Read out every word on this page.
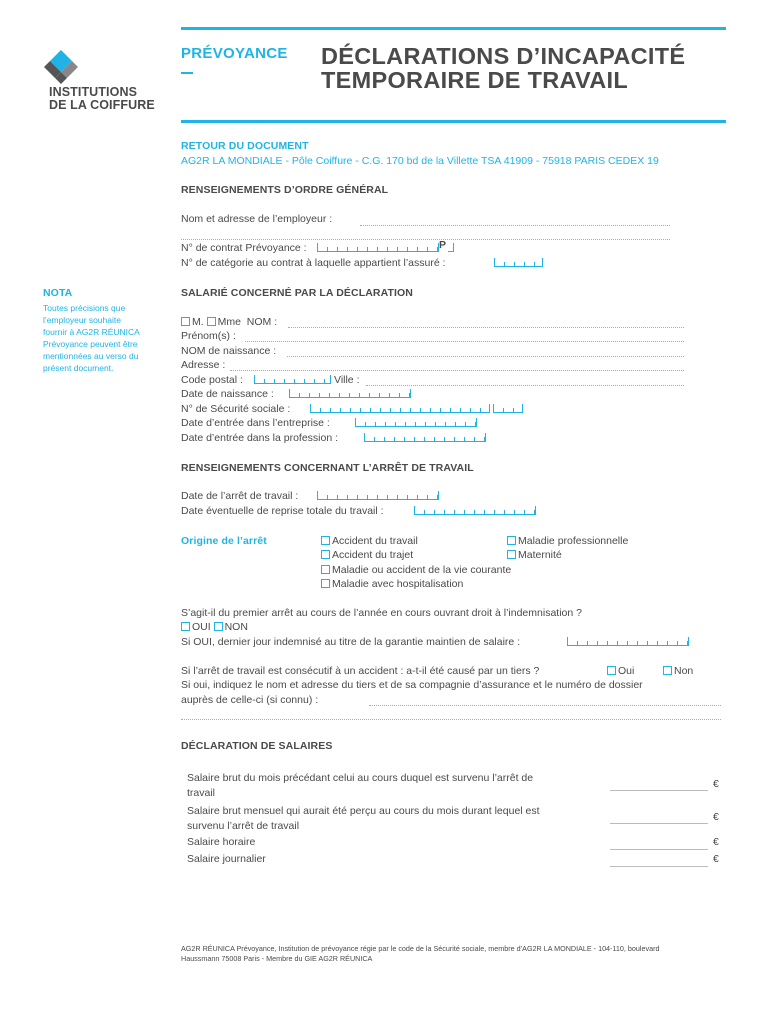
INSTITUTIONS
DE LA COIFFURE
PRÉVOYANCE DÉCLARATIONS D’INCAPACITÉ
TEMPORAIRE DE TRAVAIL
RETOUR DU DOCUMENT
AG2R LA MONDIALE - Pôle Coiffure - C.G. 170 bd de la Villette TSA 41909 - 75918 PARIS CEDEX 19
RENSEIGNEMENTS D’ORDRE GÉNÉRAL
Nom et adresse de l’employeur :
N° de contrat Prévoyance :	P
N° de catégorie au contrat à laquelle appartient l’assuré :
NOTA
Toutes précisions que
l’employeur souhaite
fournir à AG2R RÉUNICA
Prévoyance peuvent être
mentionnées au verso du
présent document.
SALARIÉ CONCERNÉ PAR LA DÉCLARATION
M. Mme NOM :
Prénom(s) :
NOM de naissance :
Adresse :
Code postal :	Ville :
Date de naissance :
N° de Sécurité sociale :
Date d’entrée dans l’entreprise :
Date d’entrée dans la profession :
RENSEIGNEMENTS CONCERNANT L’ARRÊT DE TRAVAIL
Date de l’arrêt de travail :
Date éventuelle de reprise totale du travail :
Origine de l’arrêt	Accident du travail	Maladie professionnelle
Accident du trajet	Maternité
Maladie ou accident de la vie courante
Maladie avec hospitalisation
S’agit-il du premier arrêt au cours de l’année en cours ouvrant droit à l’indemnisation ?
OUI NON
Si OUI, dernier jour indemnisé au titre de la garantie maintien de salaire :
Si l’arrêt de travail est consécutif à un accident : a-t-il été causé par un tiers ?	Oui	Non
Si oui, indiquez le nom et adresse du tiers et de sa compagnie d’assurance et le numéro de dossier
auprès de celle-ci (si connu) :
DÉCLARATION DE SALAIRES
Salaire brut du mois précédant celui au cours duquel est survenu l’arrêt de
travail
€
Salaire brut mensuel qui aurait été perçu au cours du mois durant lequel est
survenu l’arrêt de travail
€
Salaire horaire	€
Salaire journalier	€
AG2R RÉUNICA Prévoyance, Institution de prévoyance régie par le code de la Sécurité sociale, membre d’AG2R LA MONDIALE - 104-110, boulevard
Haussmann 75008 Paris - Membre du GIE AG2R RÉUNICA
